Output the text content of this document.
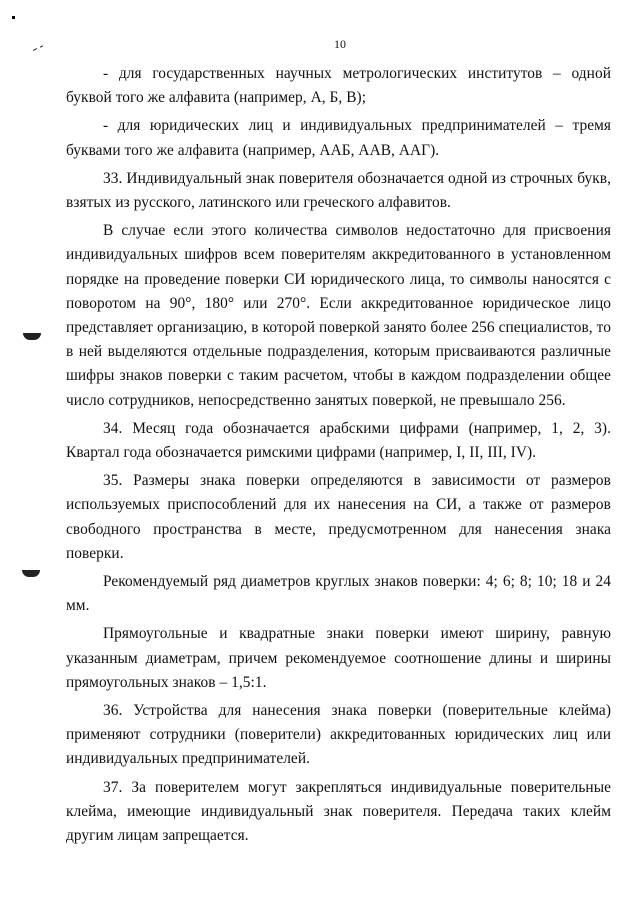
10

- для государственных научных метрологических институтов – одной буквой того же алфавита (например, А, Б, В);

- для юридических лиц и индивидуальных предпринимателей – тремя буквами того же алфавита (например, ААБ, ААВ, ААГ).

33. Индивидуальный знак поверителя обозначается одной из строчных букв, взятых из русского, латинского или греческого алфавитов.

В случае если этого количества символов недостаточно для присвоения индивидуальных шифров всем поверителям аккредитованного в установленном порядке на проведение поверки СИ юридического лица, то символы наносятся с поворотом на 90°, 180° или 270°. Если аккредитованное юридическое лицо представляет организацию, в которой поверкой занято более 256 специалистов, то в ней выделяются отдельные подразделения, которым присваиваются различные шифры знаков поверки с таким расчетом, чтобы в каждом подразделении общее число сотрудников, непосредственно занятых поверкой, не превышало 256.

34. Месяц года обозначается арабскими цифрами (например, 1, 2, 3). Квартал года обозначается римскими цифрами (например, I, II, III, IV).

35. Размеры знака поверки определяются в зависимости от размеров используемых приспособлений для их нанесения на СИ, а также от размеров свободного пространства в месте, предусмотренном для нанесения знака поверки.

Рекомендуемый ряд диаметров круглых знаков поверки: 4; 6; 8; 10; 18 и 24 мм.

Прямоугольные и квадратные знаки поверки имеют ширину, равную указанным диаметрам, причем рекомендуемое соотношение длины и ширины прямоугольных знаков – 1,5:1.

36. Устройства для нанесения знака поверки (поверительные клейма) применяют сотрудники (поверители) аккредитованных юридических лиц или индивидуальных предпринимателей.

37. За поверителем могут закрепляться индивидуальные поверительные клейма, имеющие индивидуальный знак поверителя. Передача таких клейм другим лицам запрещается.
